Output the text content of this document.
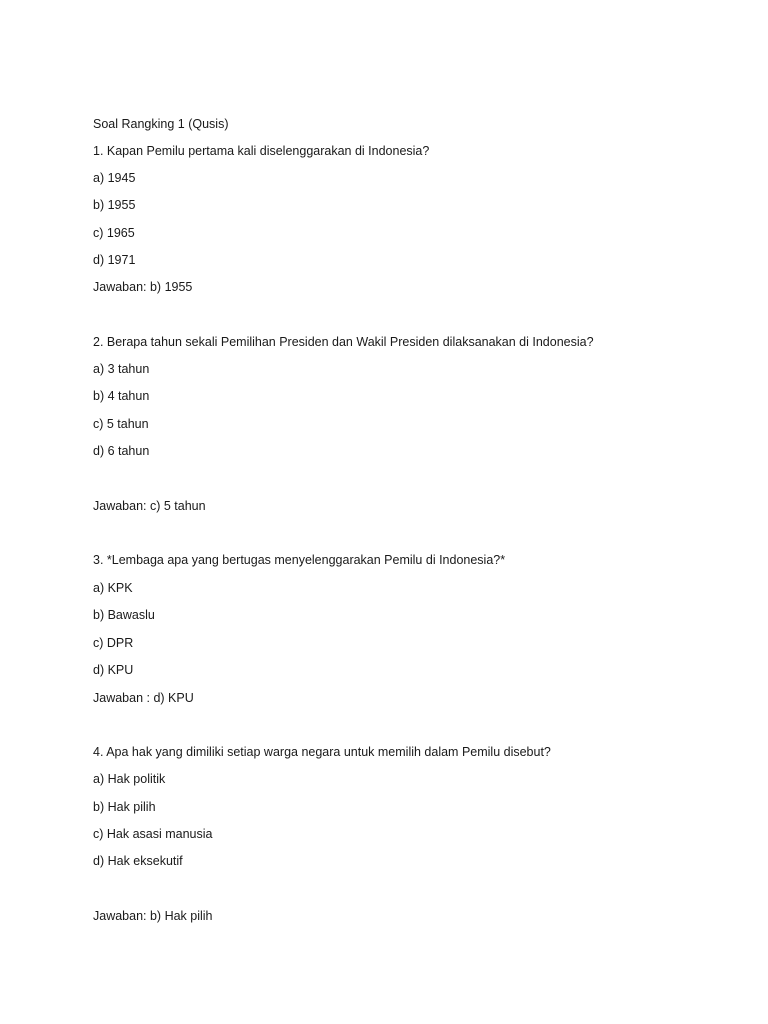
Soal Rangking 1 (Qusis)
1. Kapan Pemilu pertama kali diselenggarakan di Indonesia?
a) 1945
b) 1955
c) 1965
d) 1971
Jawaban: b) 1955
2. Berapa tahun sekali Pemilihan Presiden dan Wakil Presiden dilaksanakan di Indonesia?
a) 3 tahun
b) 4 tahun
c) 5 tahun
d) 6 tahun
Jawaban: c) 5 tahun
3. *Lembaga apa yang bertugas menyelenggarakan Pemilu di Indonesia?*
a) KPK
b) Bawaslu
c) DPR
d) KPU
Jawaban : d) KPU
4. Apa hak yang dimiliki setiap warga negara untuk memilih dalam Pemilu disebut?
a) Hak politik
b) Hak pilih
c) Hak asasi manusia
d) Hak eksekutif
Jawaban: b) Hak pilih
